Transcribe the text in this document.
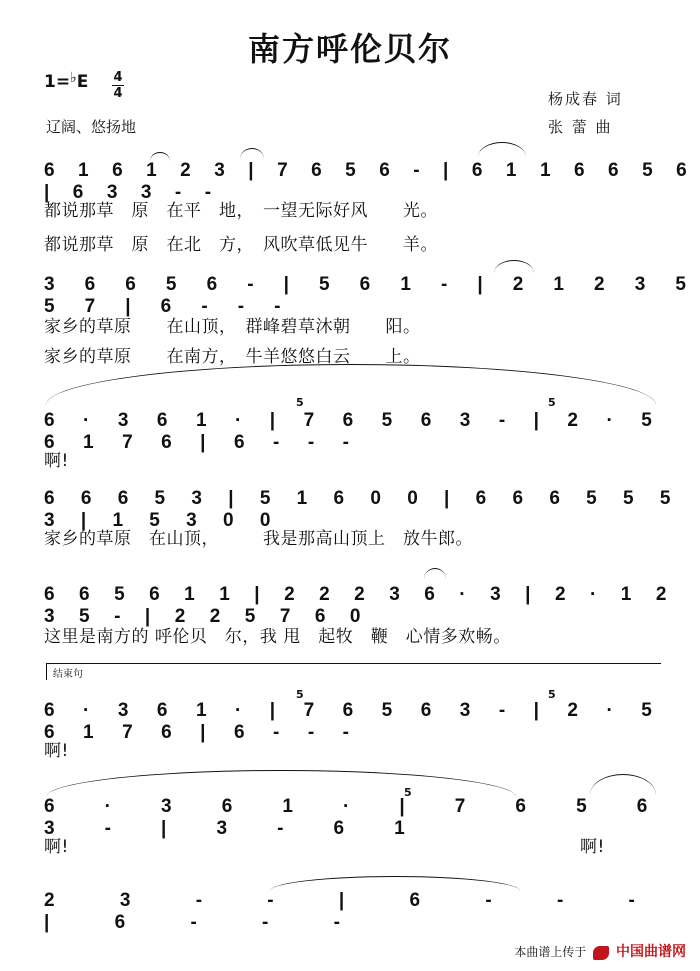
南方呼伦贝尔
1=♭E 4
4
辽阔、悠扬地
杨成春 词
张 蕾 曲
结束句
6 1 6 1 2 3 | 7 6 5 6 - | 6 1 1 6 6 5 6 | 6 3 3 - -
都说那草　原　在平　地，　一望无际好风　　光。
都说那草　原　在北　方，　风吹草低见牛　　羊。
3 6 6 5 6 - | 5 6 1 - | 2 1 2 3 5 5 7 | 6 - - -
家乡的草原　　在山顶，　群峰碧草沐朝　　阳。
家乡的草原　　在南方，　牛羊悠悠白云　　上。
6 · 3 6 1 · | 7 6 5 6 3 - | 2 · 5 6 1 7 6 | 6 - - -
啊!
6 6 6 5 3 | 5 1 6 0 0 | 6 6 6 5 5 5 3 | 1 5 3 0 0
家乡的草原　在山顶，　　　我是那高山顶上　放牛郎。
6 6 5 6 1 1 | 2 2 2 3 6 · 3 | 2 · 1 2 3 5 - | 2 2 5 7 6 0
这里是南方的 呼伦贝　尔，我 甩　起牧　鞭　心情多欢畅。
6 · 3 6 1 · | 7 6 5 6 3 - | 2 · 5 6 1 7 6 | 6 - - -
啊!
6 · 3 6 1 · | 7 6 5 6 3 - | 3 - 6 1
啊!	啊!
2 3 - - | 6 - - - | 6 - - -
5	5
5	5
5
本曲谱上传于 中国曲谱网
